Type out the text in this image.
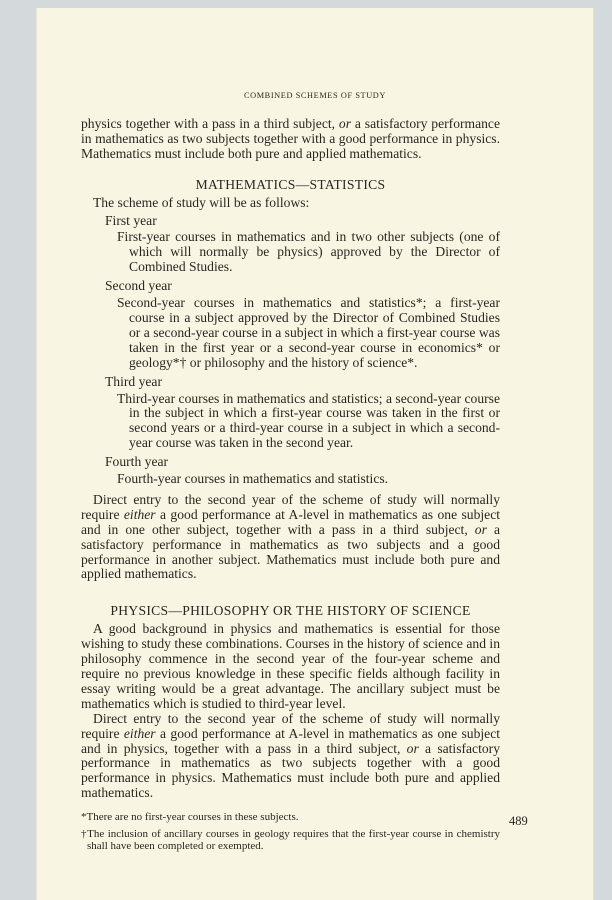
COMBINED SCHEMES OF STUDY
489

physics together with a pass in a third subject, or a satisfactory performance in mathematics as two subjects together with a good performance in physics. Mathematics must include both pure and applied mathematics.

MATHEMATICS—STATISTICS

The scheme of study will be as follows:

First year

First-year courses in mathematics and in two other subjects (one of which will normally be physics) approved by the Director of Combined Studies.

Second year

Second-year courses in mathematics and statistics*; a first-year course in a subject approved by the Director of Combined Studies or a second-year course in a subject in which a first-year course was taken in the first year or a second-year course in economics* or geology*† or philosophy and the history of science*.

Third year

Third-year courses in mathematics and statistics; a second-year course in the subject in which a first-year course was taken in the first or second years or a third-year course in a subject in which a second-year course was taken in the second year.

Fourth year

Fourth-year courses in mathematics and statistics.

Direct entry to the second year of the scheme of study will normally require either a good performance at A-level in mathematics as one subject and in one other subject, together with a pass in a third subject, or a satisfactory performance in mathematics as two subjects and a good performance in another subject. Mathematics must include both pure and applied mathematics.

PHYSICS—PHILOSOPHY OR THE HISTORY OF SCIENCE

A good background in physics and mathematics is essential for those wishing to study these combinations. Courses in the history of science and in philosophy commence in the second year of the four-year scheme and require no previous knowledge in these specific fields although facility in essay writing would be a great advantage. The ancillary subject must be mathematics which is studied to third-year level.

Direct entry to the second year of the scheme of study will normally require either a good performance at A-level in mathematics as one subject and in physics, together with a pass in a third subject, or a satisfactory performance in mathematics as two subjects together with a good performance in physics. Mathematics must include both pure and applied mathematics.

*There are no first-year courses in these subjects.

†The inclusion of ancillary courses in geology requires that the first-year course in chemistry shall have been completed or exempted.
